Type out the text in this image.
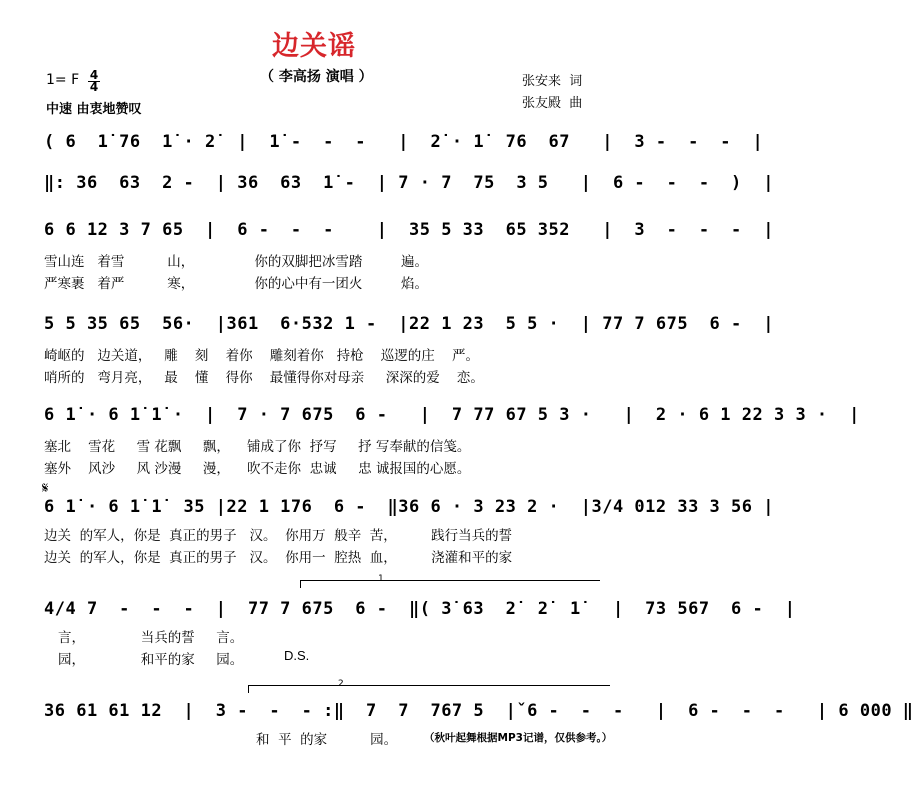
边关谣
（ 李高扬 演唱 ）
1= F $\frac{4}{4}$
中速 由衷地赞叹
张安来  词
张友殿  曲
( 6  1̇ 76  1̇ · 2̇  |  1̇ -  -  -   |  2̇ · 1̇  76  67   |  3 -  -  -  |
‖: 36  63  2 -  | 36  63  1̇ -  | 7 · 7  75  3 5   |  6 -  -  -  )  |
6 6 12 3 7 65  |  6 -  -  -    |  35 5 33  65 352   |  3  -  -  -  |
雪山连   着雪          山，              你的双脚把冰雪踏         遍。
严寒裹   着严          寒，              你的心中有一团火         焰。
5 5 35 65  56·  |361  6·532 1 -  |22 1 23  5 5 ·  | 77 7 675  6 -  |
崎岖的   边关道，   雕    刻    着你    雕刻着你   持枪    巡逻的庄    严。
哨所的   弯月亮，   最    懂    得你    最懂得你对母亲     深深的爱    恋。
6 1̇ · 6 1̇ 1̇ ·  |  7 · 7 675  6 -   |  7 77 67 5 3 ·   |  2 · 6 1 22 3 3 ·  |
塞北    雪花     雪 花飘     飘，    铺成了你  抒写     抒 写奉献的信笺。
塞外    风沙     风 沙漫     漫，    吹不走你  忠诚     忠 诚报国的心愿。
𝄋
6 1̇ · 6 1̇ 1̇  35 |22 1 176  6 -  ‖36 6 · 3 23 2 ·  |3/4 012 33 3 56 |
边关  的军人，你是  真正的男子   汉。  你用万  般辛  苦，        践行当兵的誓
边关  的军人，你是  真正的男子   汉。  你用一  腔热  血，        浇灌和平的家
1
4/4 7  -  -  -  |  77 7 675  6 -  ‖( 3̇ 63  2̇  2̇  1̇   |  73 567  6 -  |
言，             当兵的誓     言。
园，             和平的家     园。	D.S.
2
36 61 61 12  |  3 -  -  - :‖  7  7  767 5  |ˇ6 -  -  -   |  6 -  -  -   | 6 000 ‖
和  平  的家          园。	（秋叶起舞根据MP3记谱，仅供参考。）
